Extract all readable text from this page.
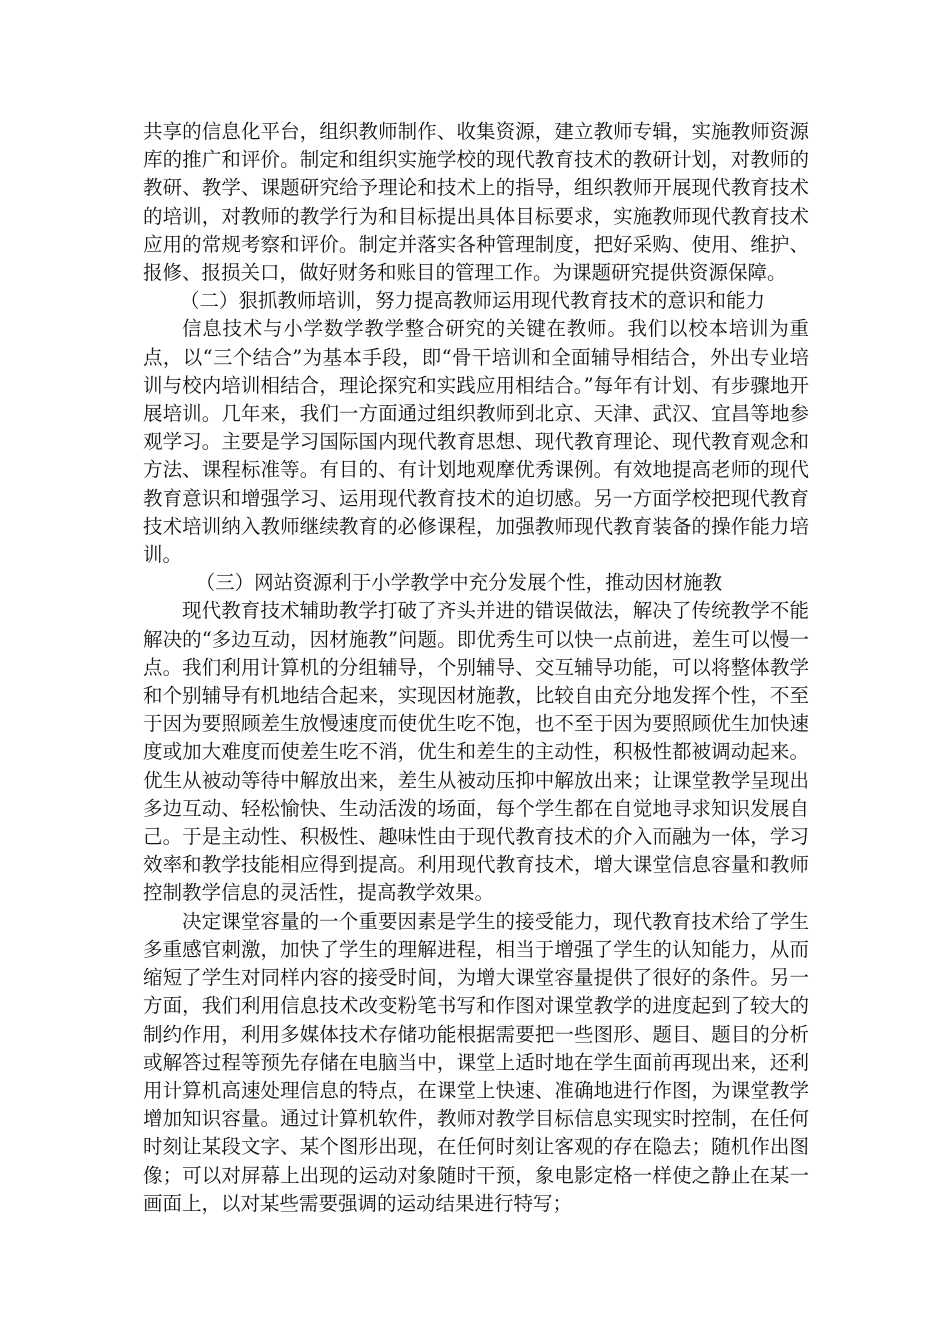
共享的信息化平台，组织教师制作、收集资源，建立教师专辑，实施教师资源库的推广和评价。制定和组织实施学校的现代教育技术的教研计划，对教师的教研、教学、课题研究给予理论和技术上的指导，组织教师开展现代教育技术的培训，对教师的教学行为和目标提出具体目标要求，实施教师现代教育技术应用的常规考察和评价。制定并落实各种管理制度，把好采购、使用、维护、报修、报损关口，做好财务和账目的管理工作。为课题研究提供资源保障。

（二）狠抓教师培训，努力提高教师运用现代教育技术的意识和能力

信息技术与小学数学教学整合研究的关键在教师。我们以校本培训为重点，以“三个结合”为基本手段，即“骨干培训和全面辅导相结合，外出专业培训与校内培训相结合，理论探究和实践应用相结合。”每年有计划、有步骤地开展培训。几年来，我们一方面通过组织教师到北京、天津、武汉、宜昌等地参观学习。主要是学习国际国内现代教育思想、现代教育理论、现代教育观念和方法、课程标准等。有目的、有计划地观摩优秀课例。有效地提高老师的现代教育意识和增强学习、运用现代教育技术的迫切感。另一方面学校把现代教育技术培训纳入教师继续教育的必修课程，加强教师现代教育装备的操作能力培训。

（三）网站资源利于小学教学中充分发展个性，推动因材施教

现代教育技术辅助教学打破了齐头并进的错误做法，解决了传统教学不能解决的“多边互动，因材施教”问题。即优秀生可以快一点前进，差生可以慢一点。我们利用计算机的分组辅导，个别辅导、交互辅导功能，可以将整体教学和个别辅导有机地结合起来，实现因材施教，比较自由充分地发挥个性，不至于因为要照顾差生放慢速度而使优生吃不饱，也不至于因为要照顾优生加快速度或加大难度而使差生吃不消，优生和差生的主动性，积极性都被调动起来。优生从被动等待中解放出来，差生从被动压抑中解放出来；让课堂教学呈现出多边互动、轻松愉快、生动活泼的场面，每个学生都在自觉地寻求知识发展自己。于是主动性、积极性、趣味性由于现代教育技术的介入而融为一体，学习效率和教学技能相应得到提高。利用现代教育技术，增大课堂信息容量和教师控制教学信息的灵活性，提高教学效果。

决定课堂容量的一个重要因素是学生的接受能力，现代教育技术给了学生多重感官刺激，加快了学生的理解进程，相当于增强了学生的认知能力，从而缩短了学生对同样内容的接受时间，为增大课堂容量提供了很好的条件。另一方面，我们利用信息技术改变粉笔书写和作图对课堂教学的进度起到了较大的制约作用，利用多媒体技术存储功能根据需要把一些图形、题目、题目的分析或解答过程等预先存储在电脑当中，课堂上适时地在学生面前再现出来，还利用计算机高速处理信息的特点，在课堂上快速、准确地进行作图，为课堂教学增加知识容量。通过计算机软件，教师对教学目标信息实现实时控制，在任何时刻让某段文字、某个图形出现，在任何时刻让客观的存在隐去；随机作出图像；可以对屏幕上出现的运动对象随时干预，象电影定格一样使之静止在某一画面上，以对某些需要强调的运动结果进行特写；
